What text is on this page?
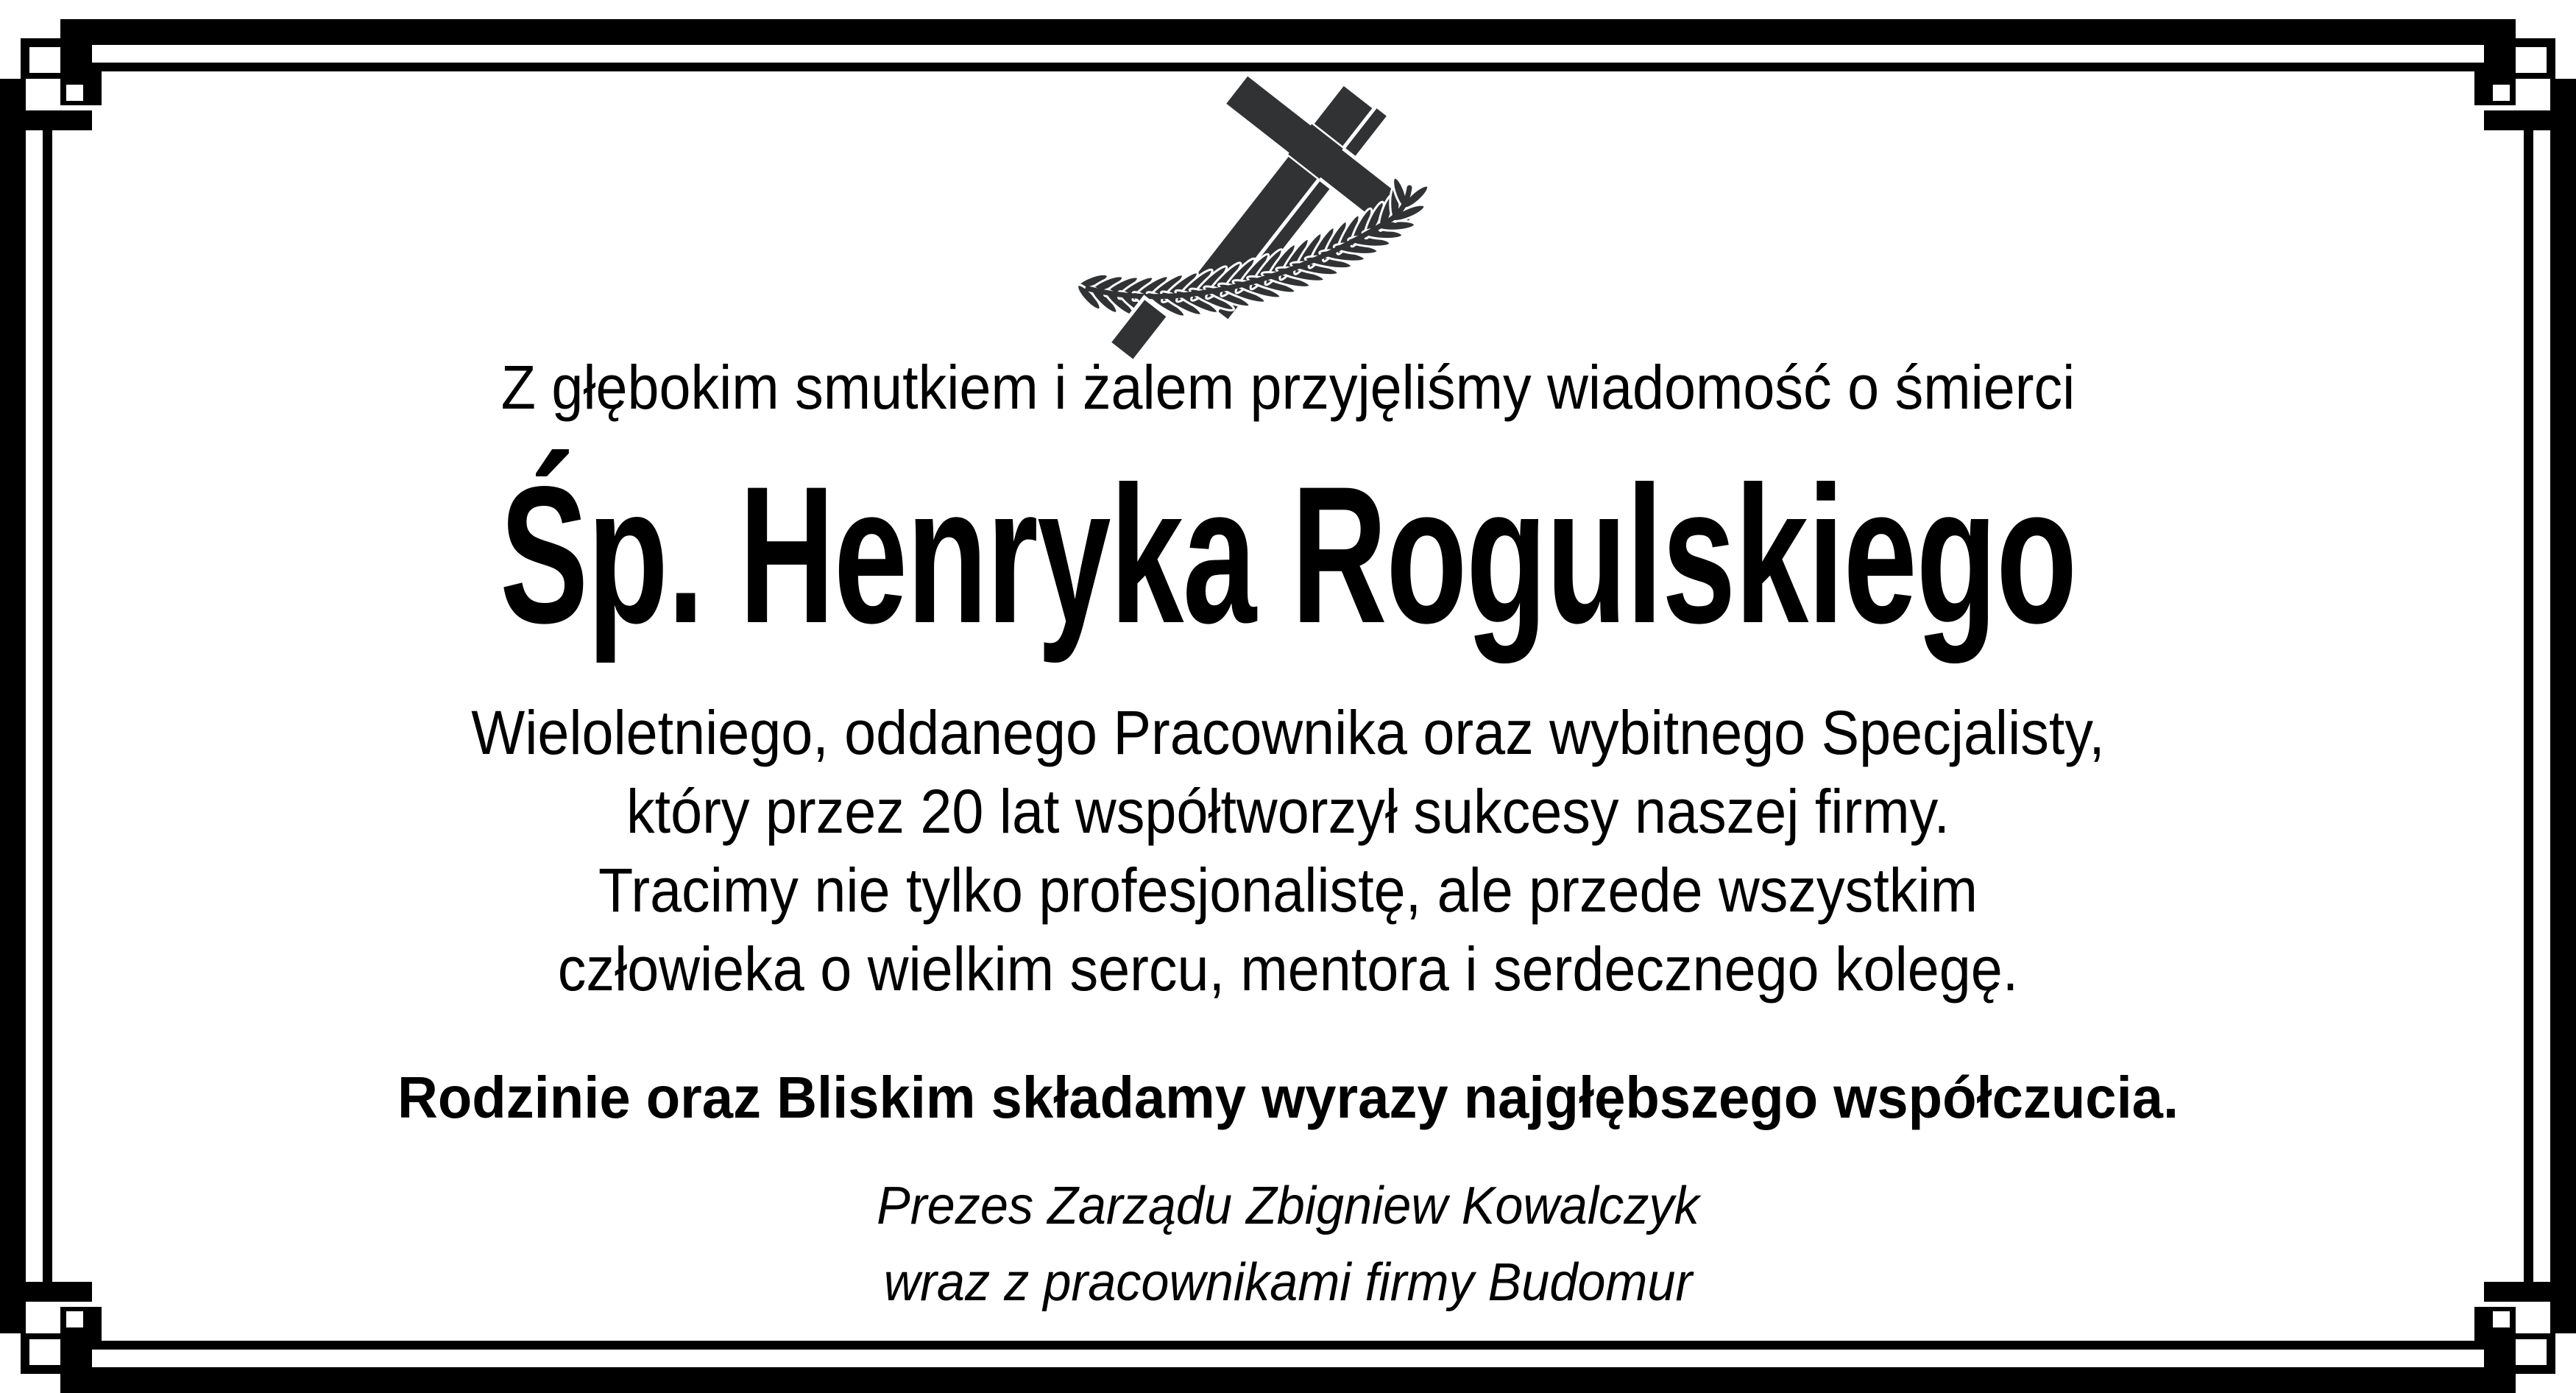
Z głębokim smutkiem i żalem przyjęliśmy wiadomość o śmierci
Śp. Henryka Rogulskiego
Wieloletniego, oddanego Pracownika oraz wybitnego Specjalisty,
który przez 20 lat współtworzył sukcesy naszej firmy.
Tracimy nie tylko profesjonalistę, ale przede wszystkim
człowieka o wielkim sercu, mentora i serdecznego kolegę.
Rodzinie oraz Bliskim składamy wyrazy najgłębszego współczucia.
Prezes Zarządu Zbigniew Kowalczyk
wraz z pracownikami firmy Budomur
